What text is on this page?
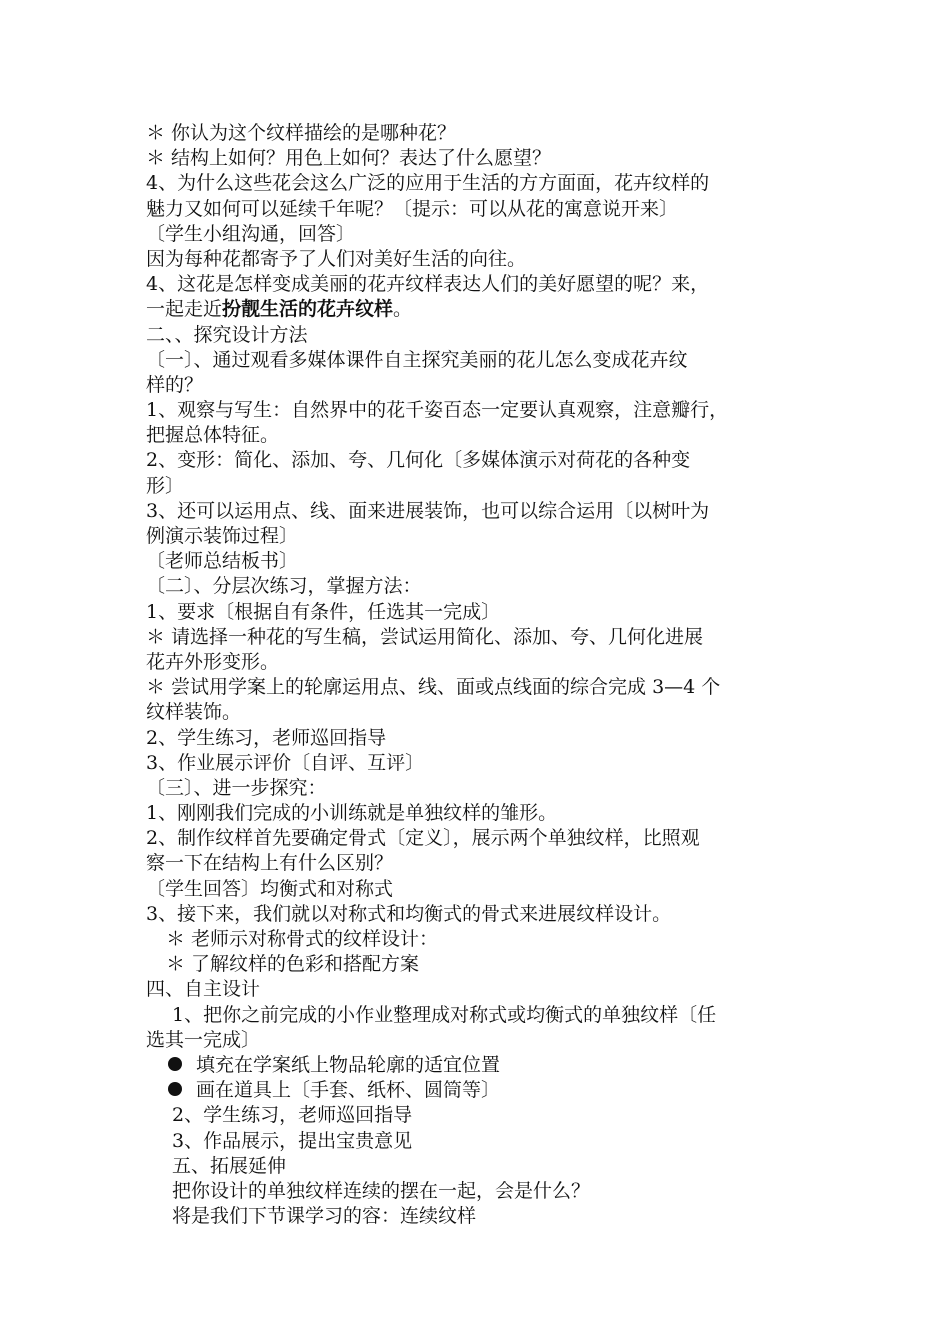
＊ 你认为这个纹样描绘的是哪种花？
＊ 结构上如何？用色上如何？表达了什么愿望？
4、为什么这些花会这么广泛的应用于生活的方方面面，花卉纹样的
魅力又如何可以延续千年呢？〔提示：可以从花的寓意说开来〕
〔学生小组沟通，回答〕
因为每种花都寄予了人们对美好生活的向往。
4、这花是怎样变成美丽的花卉纹样表达人们的美好愿望的呢？来，
一起走近扮靓生活的花卉纹样。
二、、探究设计方法
〔一〕、通过观看多媒体课件自主探究美丽的花儿怎么变成花卉纹
样的？
1、观察与写生：自然界中的花千姿百态一定要认真观察，注意瓣行，
把握总体特征。
2、变形：简化、添加、夸、几何化〔多媒体演示对荷花的各种变
形〕
3、还可以运用点、线、面来进展装饰，也可以综合运用〔以树叶为
例演示装饰过程〕
〔老师总结板书〕
〔二〕、分层次练习，掌握方法：
1、要求〔根据自有条件，任选其一完成〕
＊ 请选择一种花的写生稿，尝试运用简化、添加、夸、几何化进展
花卉外形变形。
＊ 尝试用学案上的轮廓运用点、线、面或点线面的综合完成 3—4 个
纹样装饰。
2、学生练习，老师巡回指导
3、作业展示评价〔自评、互评〕
〔三〕、进一步探究：
1、刚刚我们完成的小训练就是单独纹样的雏形。
2、制作纹样首先要确定骨式〔定义〕，展示两个单独纹样，比照观
察一下在结构上有什么区别？
〔学生回答〕均衡式和对称式
3、接下来，我们就以对称式和均衡式的骨式来进展纹样设计。
＊ 老师示对称骨式的纹样设计：
＊ 了解纹样的色彩和搭配方案
四、自主设计
1、把你之前完成的小作业整理成对称式或均衡式的单独纹样〔任
选其一完成〕
填充在学案纸上物品轮廓的适宜位置
画在道具上〔手套、纸杯、圆筒等〕
2、学生练习，老师巡回指导
3、作品展示，提出宝贵意见
五、拓展延伸
把你设计的单独纹样连续的摆在一起，会是什么？
将是我们下节课学习的容：连续纹样
